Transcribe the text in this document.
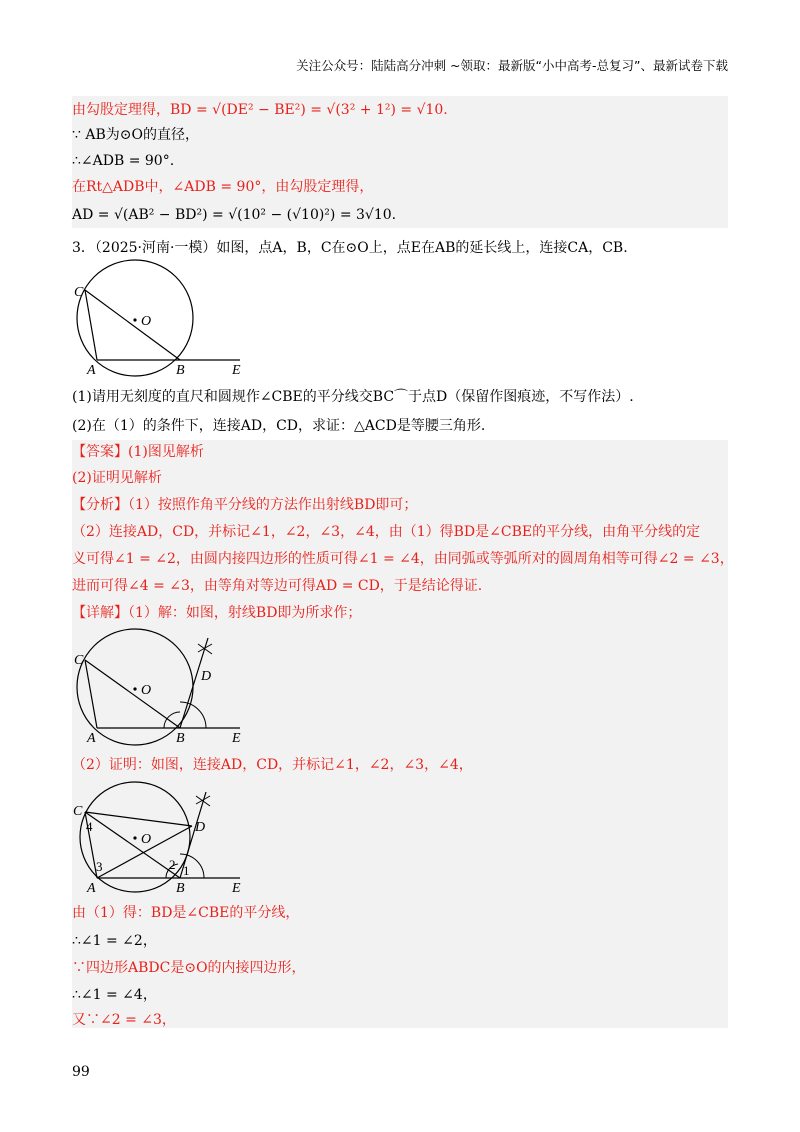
关注公众号：陆陆高分冲刺 ~领取：最新版“小中高考-总复习”、最新试卷下载
由勾股定理得，BD = √(DE² − BE²) = √(3² + 1²) = √10.
∵ AB为⊙O的直径，
∴∠ADB = 90°.
在Rt△ADB中，∠ADB = 90°，由勾股定理得，
AD = √(AB² − BD²) = √(10² − (√10)²) = 3√10.
3．（2025·河南·一模）如图，点A，B，C在⊙O上，点E在AB的延长线上，连接CA，CB.
C
O
A	B	E
(1)请用无刻度的直尺和圆规作∠CBE的平分线交BC⌒于点D（保留作图痕迹，不写作法）.
(2)在（1）的条件下，连接AD，CD，求证：△ACD是等腰三角形.
【答案】(1)图见解析
(2)证明见解析
【分析】（1）按照作角平分线的方法作出射线BD即可；
（2）连接AD，CD，并标记∠1，∠2，∠3，∠4，由（1）得BD是∠CBE的平分线，由角平分线的定
义可得∠1 = ∠2，由圆内接四边形的性质可得∠1 = ∠4，由同弧或等弧所对的圆周角相等可得∠2 = ∠3，
进而可得∠4 = ∠3，由等角对等边可得AD = CD，于是结论得证.
【详解】（1）解：如图，射线BD即为所求作；
C
O
D
A	B	E
（2）证明：如图，连接AD，CD，并标记∠1，∠2，∠3，∠4，
C
O
D
A	B	E
4
3	2 1
由（1）得：BD是∠CBE的平分线，
∴∠1 = ∠2，
∵四边形ABDC是⊙O的内接四边形，
∴∠1 = ∠4，
又∵∠2 = ∠3，
99
